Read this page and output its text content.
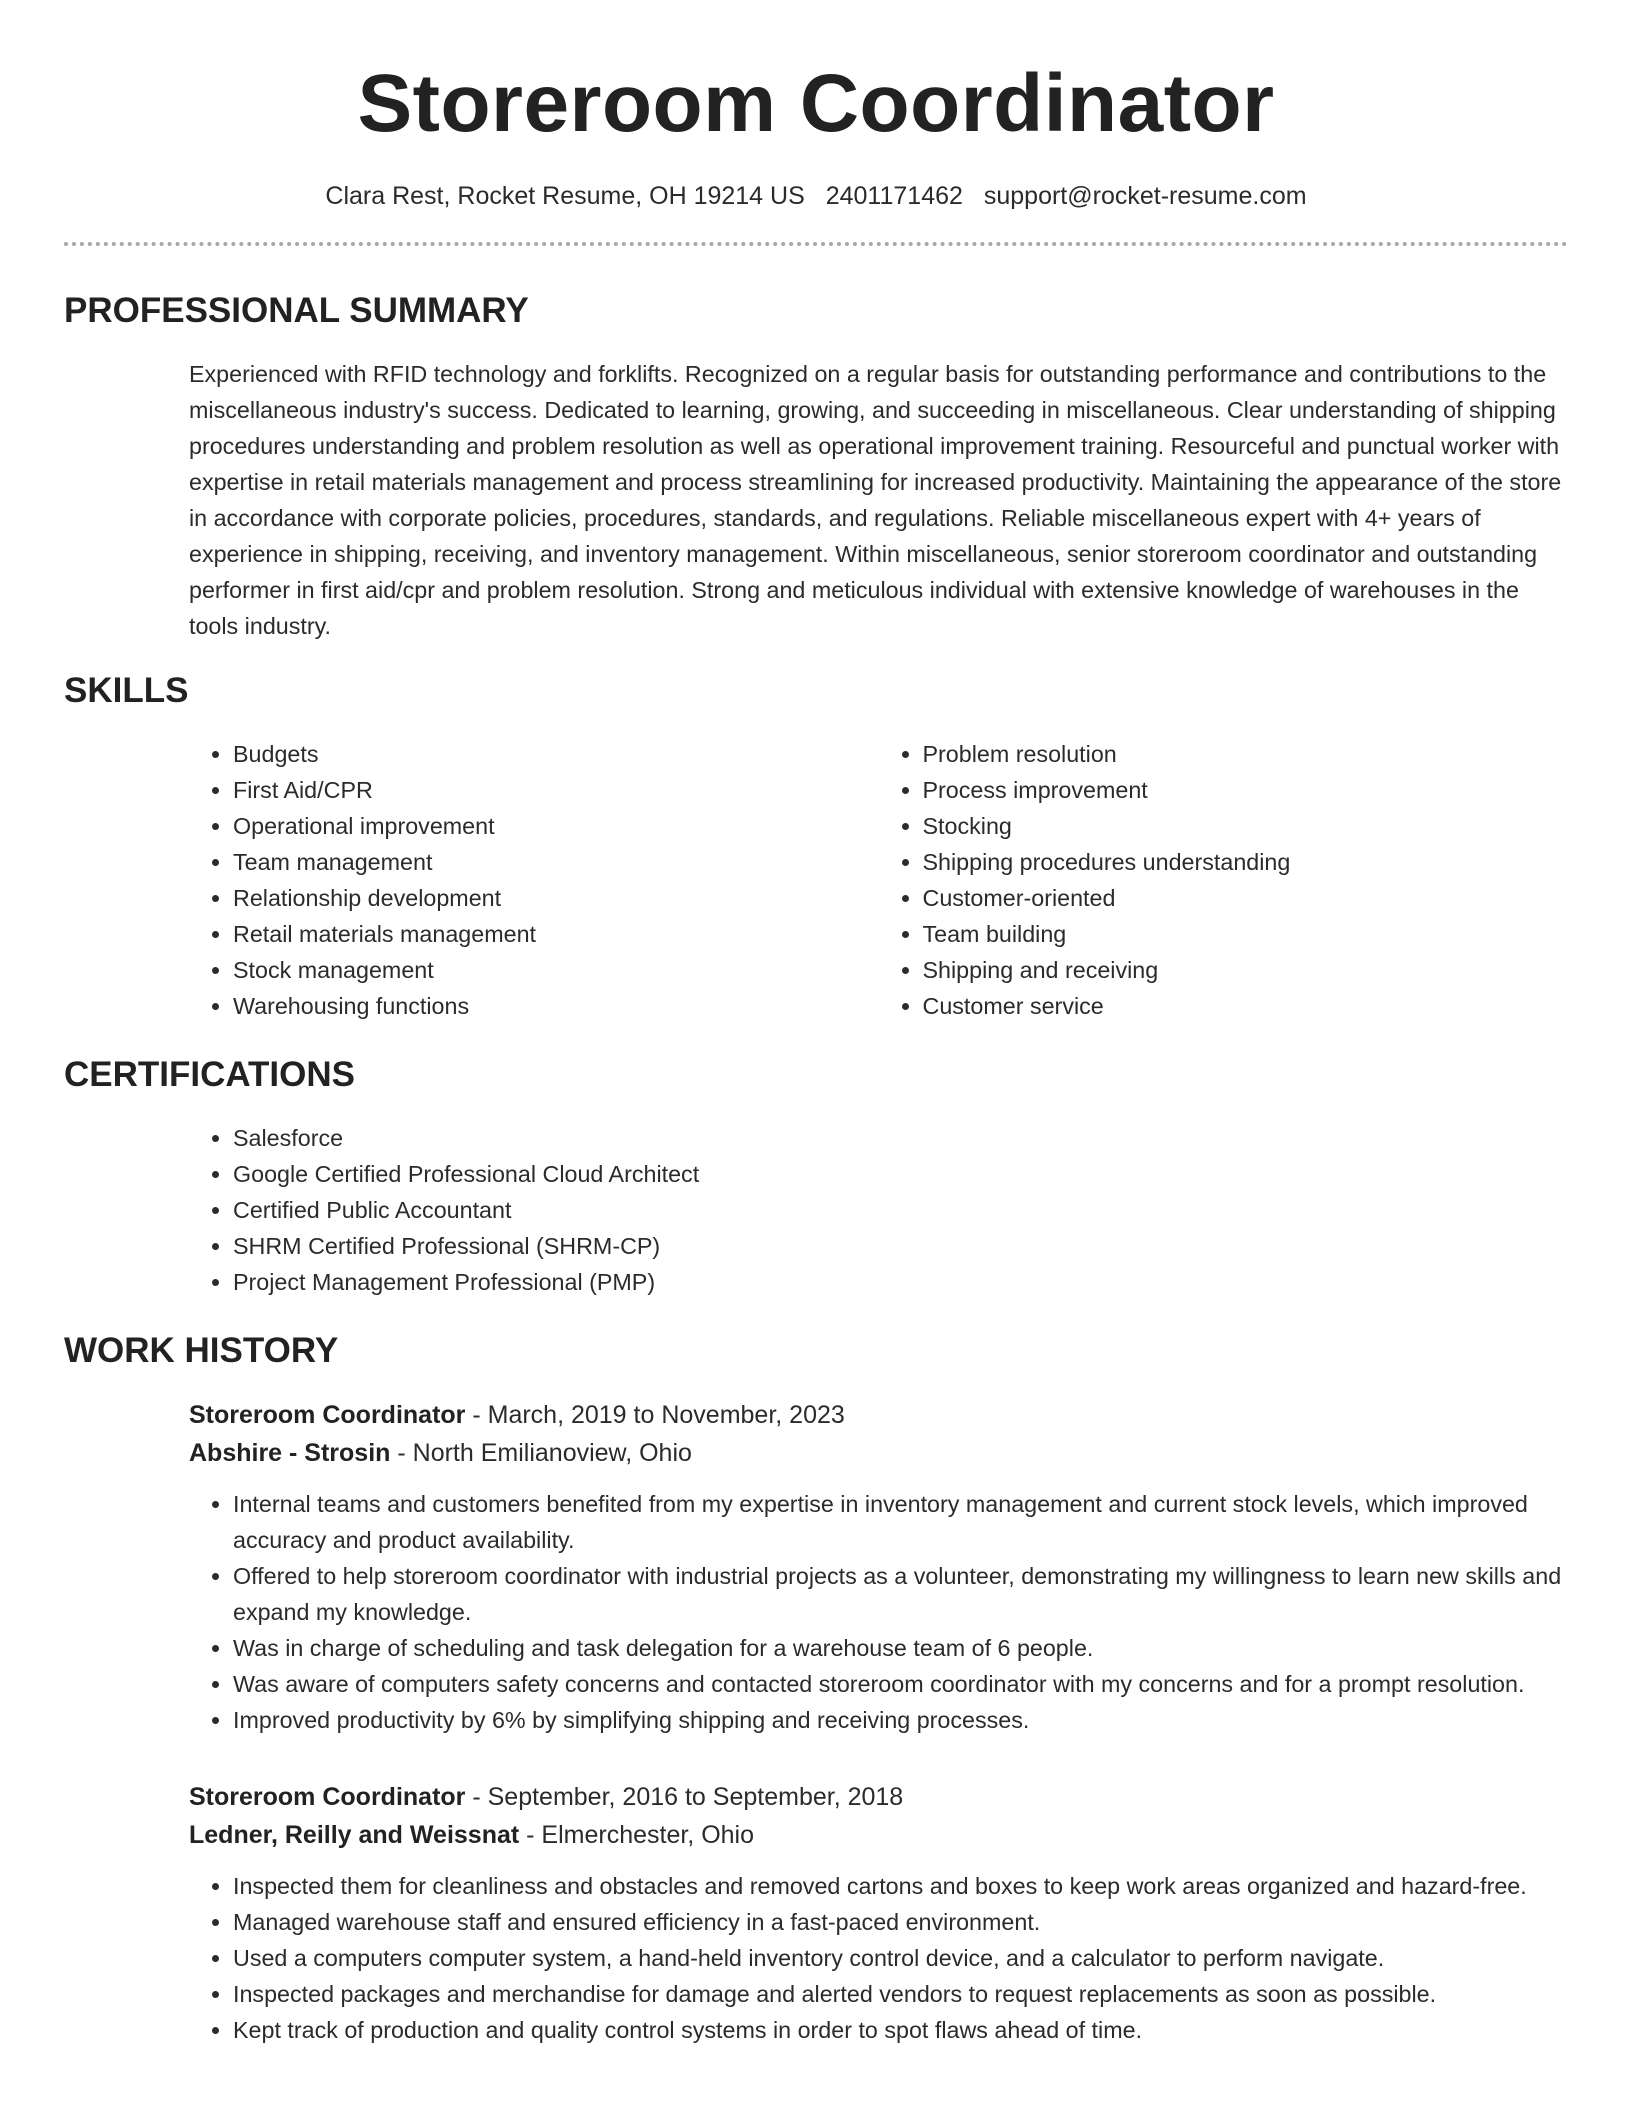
Storeroom Coordinator
Clara Rest, Rocket Resume, OH 19214 US 2401171462 support@rocket-resume.com
PROFESSIONAL SUMMARY

Experienced with RFID technology and forklifts. Recognized on a regular basis for outstanding performance and contributions to the miscellaneous industry's success. Dedicated to learning, growing, and succeeding in miscellaneous. Clear understanding of shipping procedures understanding and problem resolution as well as operational improvement training. Resourceful and punctual worker with expertise in retail materials management and process streamlining for increased productivity. Maintaining the appearance of the store in accordance with corporate policies, procedures, standards, and regulations. Reliable miscellaneous expert with 4+ years of experience in shipping, receiving, and inventory management. Within miscellaneous, senior storeroom coordinator and outstanding performer in first aid/cpr and problem resolution. Strong and meticulous individual with extensive knowledge of warehouses in the tools industry.

SKILLS
• Budgets
• First Aid/CPR
• Operational improvement
• Team management
• Relationship development
• Retail materials management
• Stock management
• Warehousing functions
• Problem resolution
• Process improvement
• Stocking
• Shipping procedures understanding
• Customer-oriented
• Team building
• Shipping and receiving
• Customer service
CERTIFICATIONS
• Salesforce
• Google Certified Professional Cloud Architect
• Certified Public Accountant
• SHRM Certified Professional (SHRM-CP)
• Project Management Professional (PMP)
WORK HISTORY
Storeroom Coordinator - March, 2019 to November, 2023
Abshire - Strosin - North Emilianoview, Ohio
• Internal teams and customers benefited from my expertise in inventory management and current stock levels, which improved accuracy and product availability.
• Offered to help storeroom coordinator with industrial projects as a volunteer, demonstrating my willingness to learn new skills and expand my knowledge.
• Was in charge of scheduling and task delegation for a warehouse team of 6 people.
• Was aware of computers safety concerns and contacted storeroom coordinator with my concerns and for a prompt resolution.
• Improved productivity by 6% by simplifying shipping and receiving processes.
Storeroom Coordinator - September, 2016 to September, 2018
Ledner, Reilly and Weissnat - Elmerchester, Ohio
• Inspected them for cleanliness and obstacles and removed cartons and boxes to keep work areas organized and hazard-free.
• Managed warehouse staff and ensured efficiency in a fast-paced environment.
• Used a computers computer system, a hand-held inventory control device, and a calculator to perform navigate.
• Inspected packages and merchandise for damage and alerted vendors to request replacements as soon as possible.
• Kept track of production and quality control systems in order to spot flaws ahead of time.
